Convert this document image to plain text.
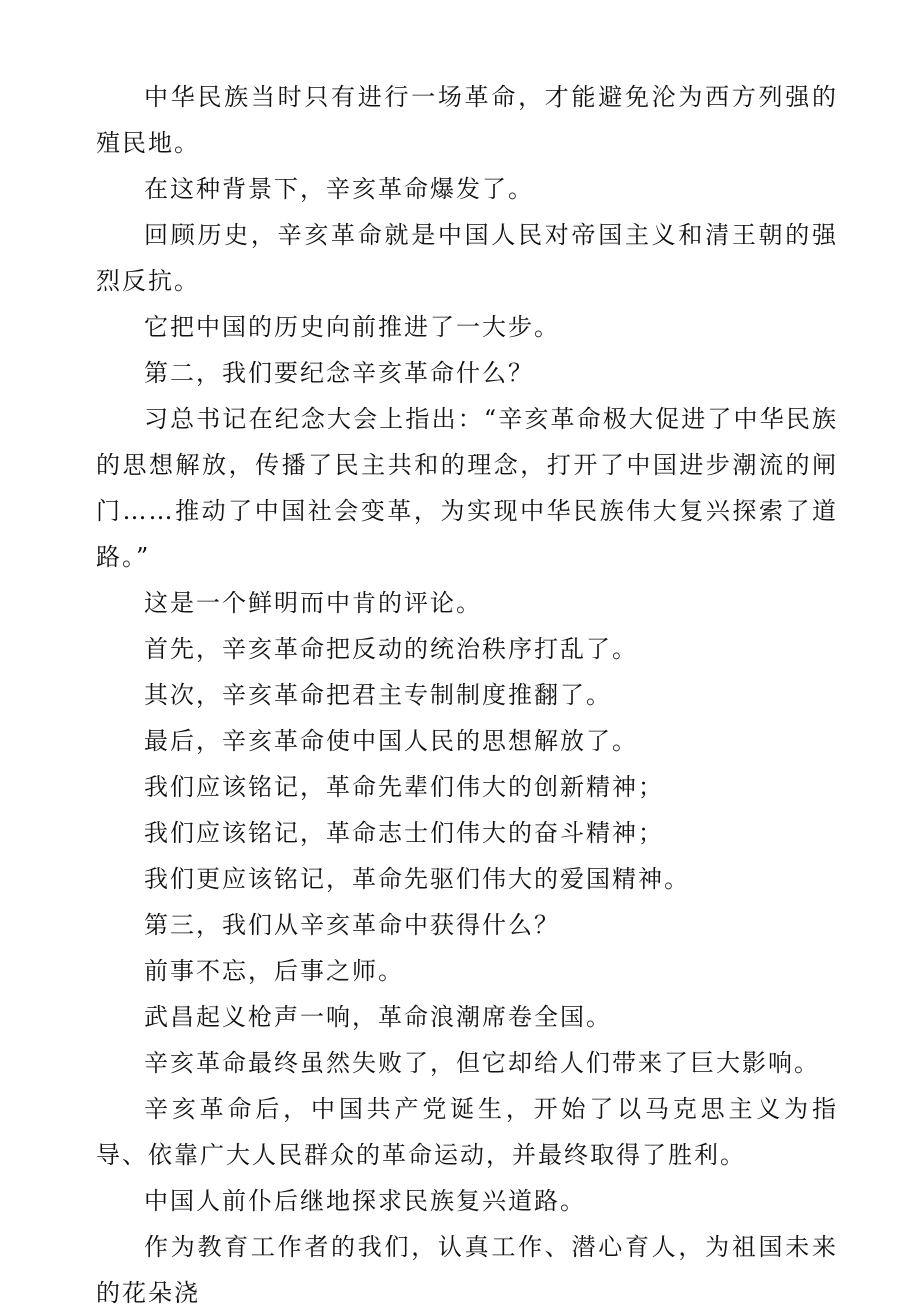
中华民族当时只有进行一场革命，才能避免沦为西方列强的殖民地。

在这种背景下，辛亥革命爆发了。

回顾历史，辛亥革命就是中国人民对帝国主义和清王朝的强烈反抗。

它把中国的历史向前推进了一大步。

第二，我们要纪念辛亥革命什么？

习总书记在纪念大会上指出：“辛亥革命极大促进了中华民族的思想解放，传播了民主共和的理念，打开了中国进步潮流的闸门……推动了中国社会变革，为实现中华民族伟大复兴探索了道路。”

这是一个鲜明而中肯的评论。

首先，辛亥革命把反动的统治秩序打乱了。

其次，辛亥革命把君主专制制度推翻了。

最后，辛亥革命使中国人民的思想解放了。

我们应该铭记，革命先辈们伟大的创新精神；

我们应该铭记，革命志士们伟大的奋斗精神；

我们更应该铭记，革命先驱们伟大的爱国精神。

第三，我们从辛亥革命中获得什么？

前事不忘，后事之师。

武昌起义枪声一响，革命浪潮席卷全国。

辛亥革命最终虽然失败了，但它却给人们带来了巨大影响。

辛亥革命后，中国共产党诞生，开始了以马克思主义为指导、依靠广大人民群众的革命运动，并最终取得了胜利。

中国人前仆后继地探求民族复兴道路。

作为教育工作者的我们，认真工作、潜心育人，为祖国未来的花朵浇
